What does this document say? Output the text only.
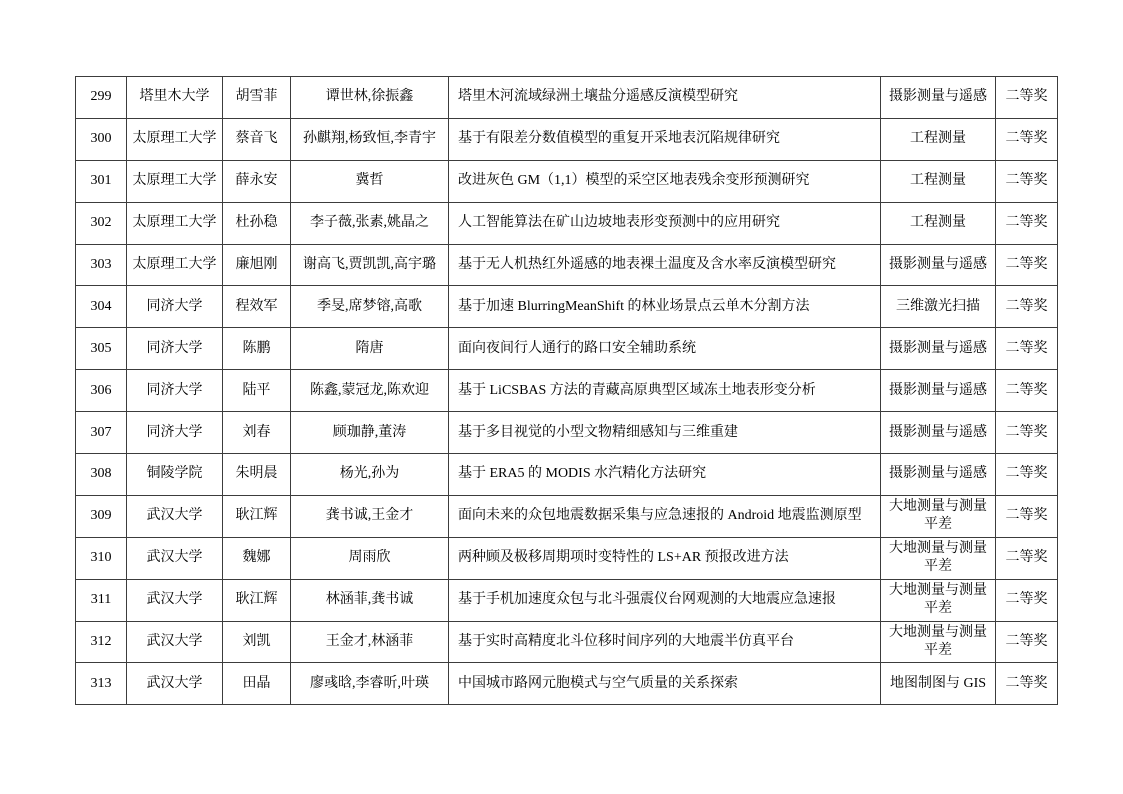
299	塔里木大学	胡雪菲	谭世林,徐振鑫	塔里木河流域绿洲土壤盐分遥感反演模型研究	摄影测量与遥感	二等奖
300	太原理工大学	蔡音飞	孙麒翔,杨致恒,李青宇	基于有限差分数值模型的重复开采地表沉陷规律研究	工程测量	二等奖
301	太原理工大学	薛永安	冀哲	改进灰色 GM（1,1）模型的采空区地表残余变形预测研究	工程测量	二等奖
302	太原理工大学	杜孙稳	李子薇,张素,姚晶之	人工智能算法在矿山边坡地表形变预测中的应用研究	工程测量	二等奖
303	太原理工大学	廉旭刚	谢高飞,贾凯凯,高宇璐	基于无人机热红外遥感的地表裸土温度及含水率反演模型研究	摄影测量与遥感	二等奖
304	同济大学	程效军	季旻,席梦镕,高歌	基于加速 BlurringMeanShift 的林业场景点云单木分割方法	三维激光扫描	二等奖
305	同济大学	陈鹏	隋唐	面向夜间行人通行的路口安全辅助系统	摄影测量与遥感	二等奖
306	同济大学	陆平	陈鑫,蒙冠龙,陈欢迎	基于 LiCSBAS 方法的青藏高原典型区域冻土地表形变分析	摄影测量与遥感	二等奖
307	同济大学	刘春	顾珈静,董涛	基于多目视觉的小型文物精细感知与三维重建	摄影测量与遥感	二等奖
308	铜陵学院	朱明晨	杨光,孙为	基于 ERA5 的 MODIS 水汽精化方法研究	摄影测量与遥感	二等奖
309	武汉大学	耿江辉	龚书诚,王金才	面向未来的众包地震数据采集与应急速报的 Android 地震监测原型	大地测量与测量平差	二等奖
310	武汉大学	魏娜	周雨欣	两种顾及极移周期项时变特性的 LS+AR 预报改进方法	大地测量与测量平差	二等奖
311	武汉大学	耿江辉	林涵菲,龚书诚	基于手机加速度众包与北斗强震仪台网观测的大地震应急速报	大地测量与测量平差	二等奖
312	武汉大学	刘凯	王金才,林涵菲	基于实时高精度北斗位移时间序列的大地震半仿真平台	大地测量与测量平差	二等奖
313	武汉大学	田晶	廖彧晗,李睿昕,叶瑛	中国城市路网元胞模式与空气质量的关系探索	地图制图与 GIS	二等奖
